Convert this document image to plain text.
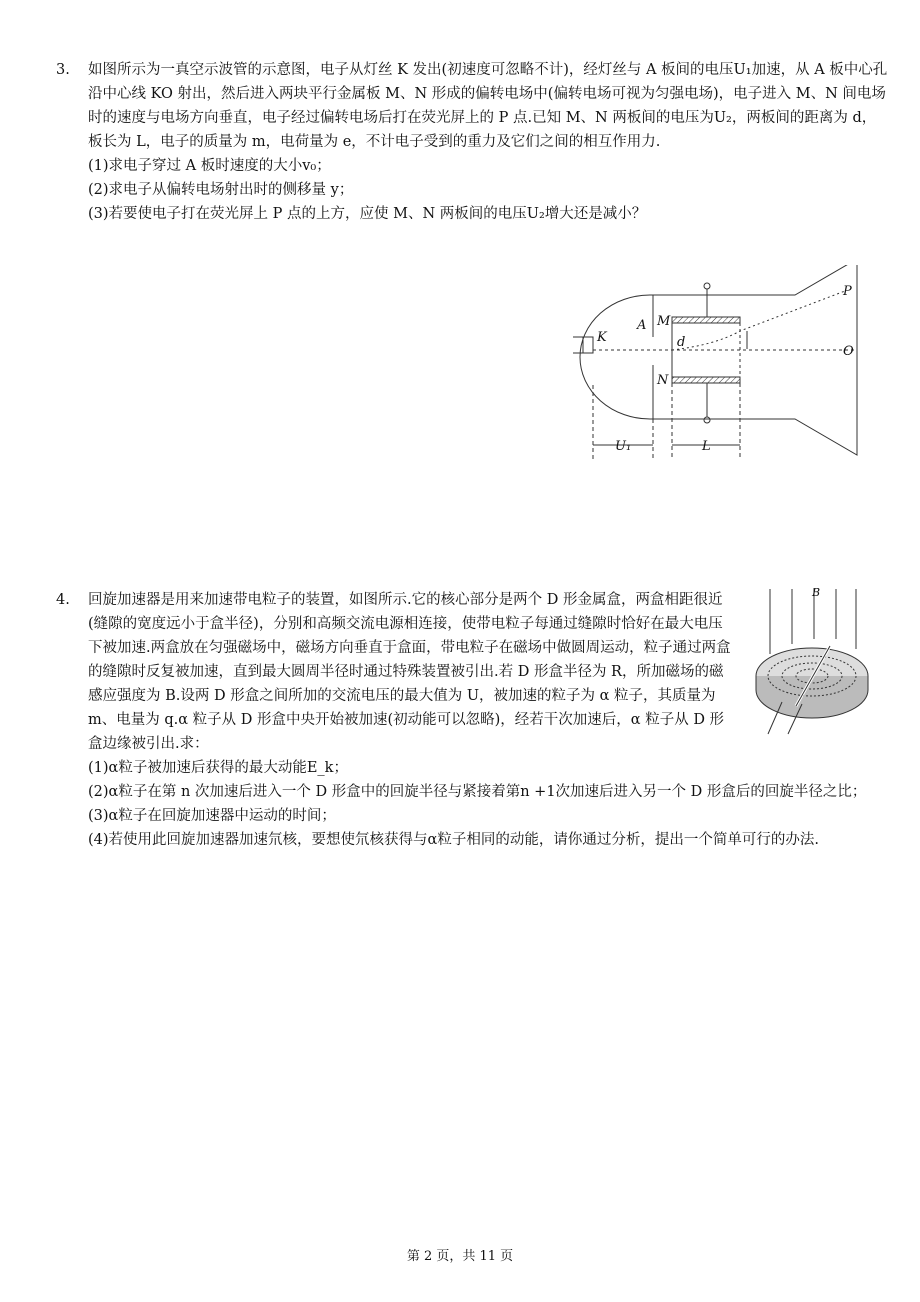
3. 如图所示为一真空示波管的示意图，电子从灯丝 K 发出(初速度可忽略不计)，经灯丝与 A 板间的电压U₁加速，从 A 板中心孔沿中心线 KO 射出，然后进入两块平行金属板 M、N 形成的偏转电场中(偏转电场可视为匀强电场)，电子进入 M、N 间电场时的速度与电场方向垂直，电子经过偏转电场后打在荧光屏上的 P 点.已知 M、N 两板间的电压为U₂，两板间的距离为 d，板长为 L，电子的质量为 m，电荷量为 e，不计电子受到的重力及它们之间的相互作用力.

(1)求电子穿过 A 板时速度的大小v₀；

(2)求电子从偏转电场射出时的侧移量 y；

(3)若要使电子打在荧光屏上 P 点的上方，应使 M、N 两板间的电压U₂增大还是减小？

K
A M
N
d
P
O
U₁	L
4. 回旋加速器是用来加速带电粒子的装置，如图所示.它的核心部分是两个 D 形金属盒，两盒相距很近(缝隙的宽度远小于盒半径)，分别和高频交流电源相连接，使带电粒子每通过缝隙时恰好在最大电压下被加速.两盒放在匀强磁场中，磁场方向垂直于盒面，带电粒子在磁场中做圆周运动，粒子通过两盒的缝隙时反复被加速，直到最大圆周半径时通过特殊装置被引出.若 D 形盒半径为 R，所加磁场的磁感应强度为 B.设两 D 形盒之间所加的交流电压的最大值为 U，被加速的粒子为 α 粒子，其质量为 m、电量为 q.α 粒子从 D 形盒中央开始被加速(初动能可以忽略)，经若干次加速后，α 粒子从 D 形盒边缘被引出.求：

(1)α粒子被加速后获得的最大动能E_k；

(2)α粒子在第 n 次加速后进入一个 D 形盒中的回旋半径与紧接着第n +1次加速后进入另一个 D 形盒后的回旋半径之比；

(3)α粒子在回旋加速器中运动的时间；

(4)若使用此回旋加速器加速氘核，要想使氘核获得与α粒子相同的动能，请你通过分析，提出一个简单可行的办法.

B
第 2 页，共 11 页
